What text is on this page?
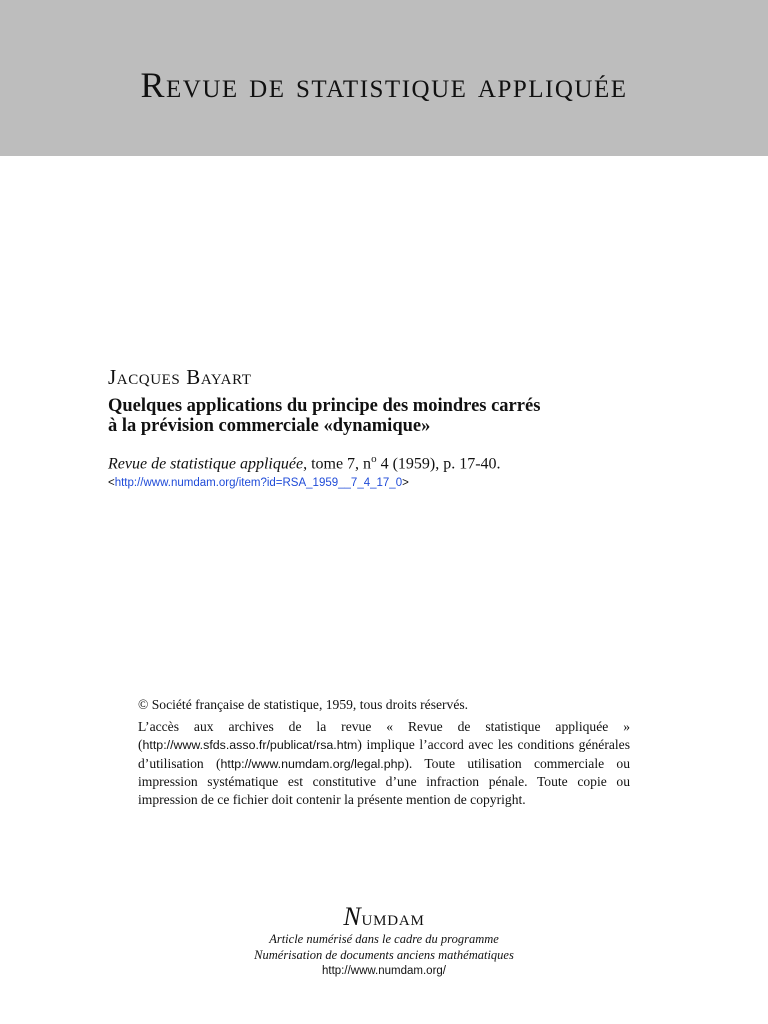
Revue de statistique appliquée
Jacques Bayart
Quelques applications du principe des moindres carrés
à la prévision commerciale «dynamique»
Revue de statistique appliquée, tome 7, $n^o$ 4 (1959), p. 17-40.
<http://www.numdam.org/item?id=RSA_1959__7_4_17_0>
© Société française de statistique, 1959, tous droits réservés.
L’accès aux archives de la revue « Revue de statistique appliquée » (http://www.sfds.asso.fr/publicat/rsa.htm) implique l’accord avec les conditions générales d’utilisation (http://www.numdam.org/legal.php). Toute utilisation commerciale ou impression systématique est constitutive d’une infraction pénale. Toute copie ou impression de ce fichier doit contenir la présente mention de copyright.
Numdam
Article numérisé dans le cadre du programme
Numérisation de documents anciens mathématiques
http://www.numdam.org/
